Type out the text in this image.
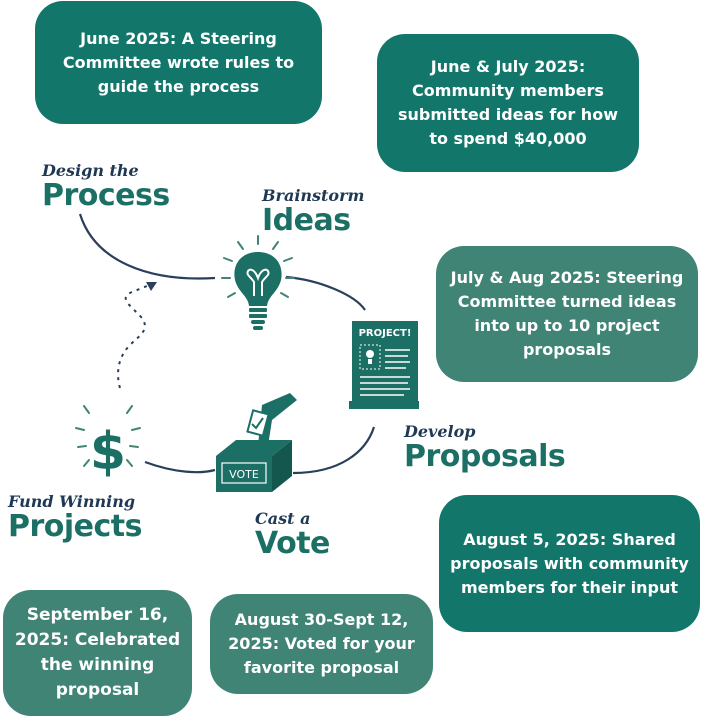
June 2025: A Steering Committee wrote rules to guide the process
June & July 2025: Community members submitted ideas for how to spend $40,000
July & Aug 2025: Steering Committee turned ideas into up to 10 project proposals
August 5, 2025: Shared proposals with community members for their input
August 30-Sept 12, 2025: Voted for your favorite proposal
September 16, 2025: Celebrated the winning proposal
PROJECT!
VOTE
$
Design the
Process	Brainstorm
Ideas
Develop
Proposals
Cast a
Vote
Fund Winning
Projects
